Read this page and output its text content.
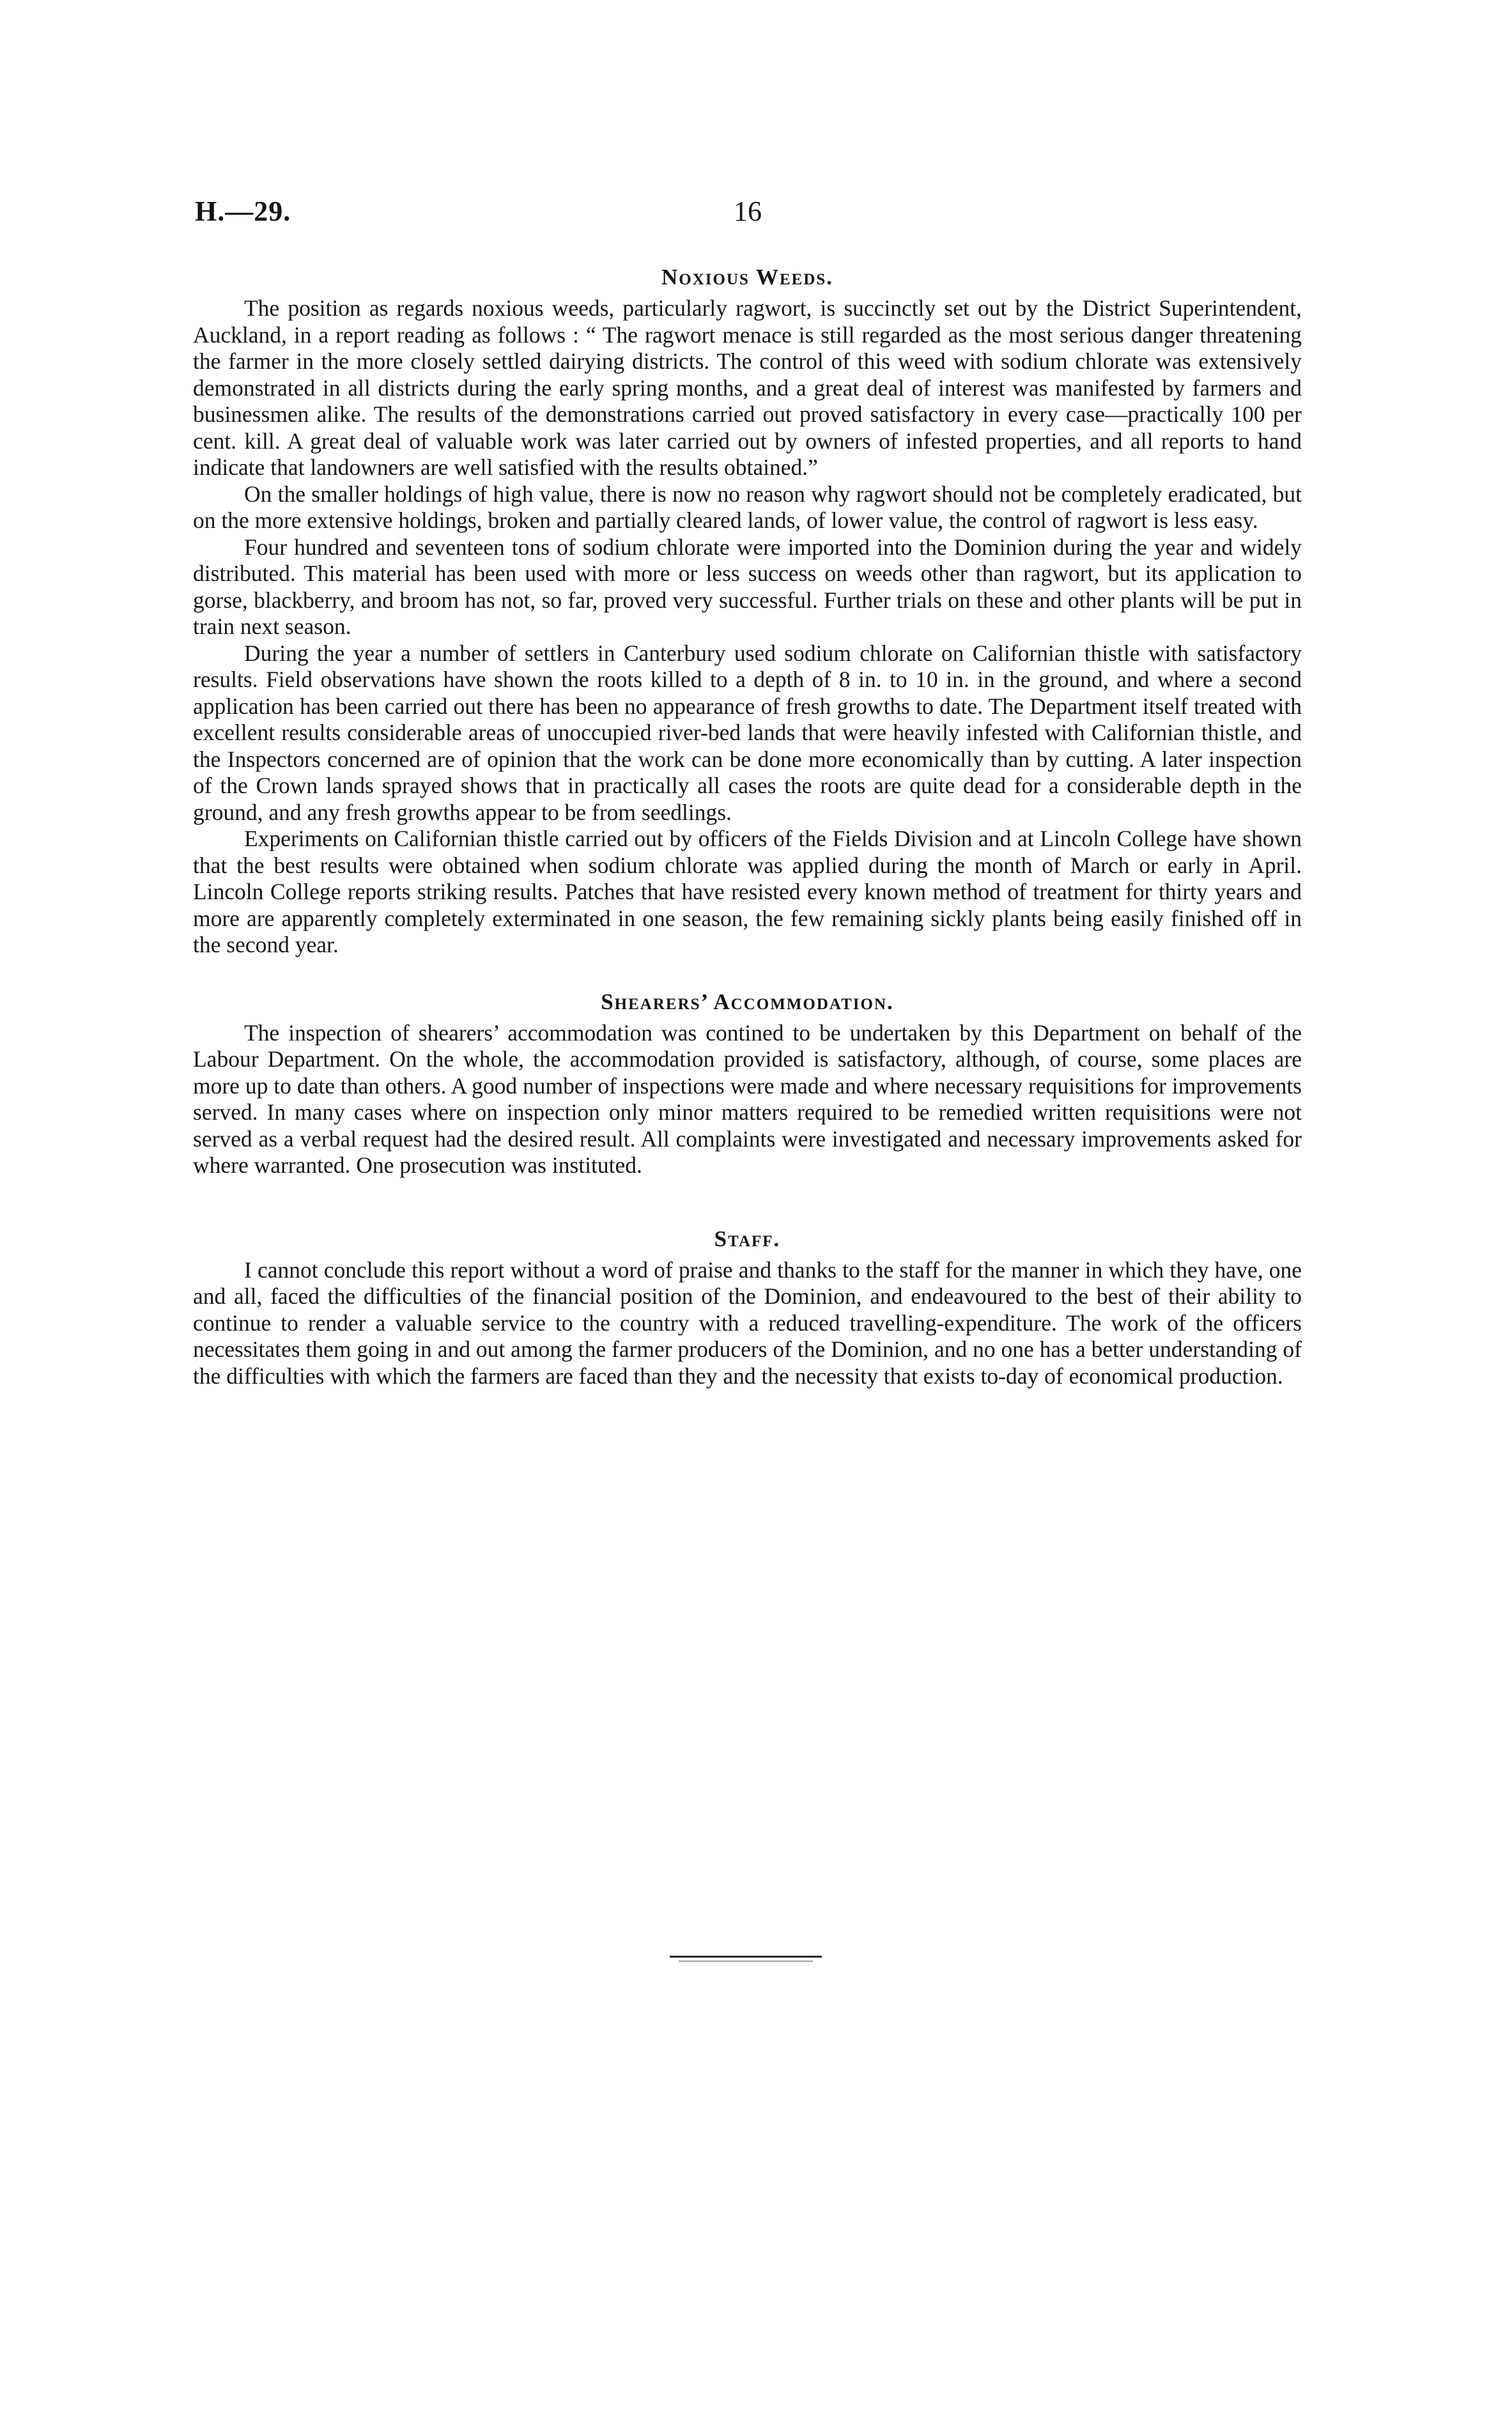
H.—29.	16
Noxious Weeds.

The position as regards noxious weeds, particularly ragwort, is succinctly set out by the District Superintendent, Auckland, in a report reading as follows : “ The ragwort menace is still regarded as the most serious danger threatening the farmer in the more closely settled dairying districts. The control of this weed with sodium chlorate was extensively demonstrated in all districts during the early spring months, and a great deal of interest was manifested by farmers and businessmen alike. The results of the demonstrations carried out proved satisfactory in every case—practically 100 per cent. kill. A great deal of valuable work was later carried out by owners of infested properties, and all reports to hand indicate that landowners are well satisfied with the results obtained.”

On the smaller holdings of high value, there is now no reason why ragwort should not be completely eradicated, but on the more extensive holdings, broken and partially cleared lands, of lower value, the control of ragwort is less easy.

Four hundred and seventeen tons of sodium chlorate were imported into the Dominion during the year and widely distributed. This material has been used with more or less success on weeds other than ragwort, but its application to gorse, blackberry, and broom has not, so far, proved very successful. Further trials on these and other plants will be put in train next season.

During the year a number of settlers in Canterbury used sodium chlorate on Californian thistle with satisfactory results. Field observations have shown the roots killed to a depth of 8 in. to 10 in. in the ground, and where a second application has been carried out there has been no appearance of fresh growths to date. The Department itself treated with excellent results considerable areas of unoccupied river-bed lands that were heavily infested with Californian thistle, and the Inspectors concerned are of opinion that the work can be done more economically than by cutting. A later inspection of the Crown lands sprayed shows that in practically all cases the roots are quite dead for a considerable depth in the ground, and any fresh growths appear to be from seedlings.

Experiments on Californian thistle carried out by officers of the Fields Division and at Lincoln College have shown that the best results were obtained when sodium chlorate was applied during the month of March or early in April. Lincoln College reports striking results. Patches that have resisted every known method of treatment for thirty years and more are apparently completely exterminated in one season, the few remaining sickly plants being easily finished off in the second year.

Shearers’ Accommodation.

The inspection of shearers’ accommodation was contined to be undertaken by this Department on behalf of the Labour Department. On the whole, the accommodation provided is satisfactory, although, of course, some places are more up to date than others. A good number of inspections were made and where necessary requisitions for improvements served. In many cases where on inspection only minor matters required to be remedied written requisitions were not served as a verbal request had the desired result. All complaints were investigated and necessary improvements asked for where warranted. One prosecution was instituted.

Staff.

I cannot conclude this report without a word of praise and thanks to the staff for the manner in which they have, one and all, faced the difficulties of the financial position of the Dominion, and endeavoured to the best of their ability to continue to render a valuable service to the country with a reduced travelling-expenditure. The work of the officers necessitates them going in and out among the farmer producers of the Dominion, and no one has a better understanding of the difficulties with which the farmers are faced than they and the necessity that exists to-day of economical production.
